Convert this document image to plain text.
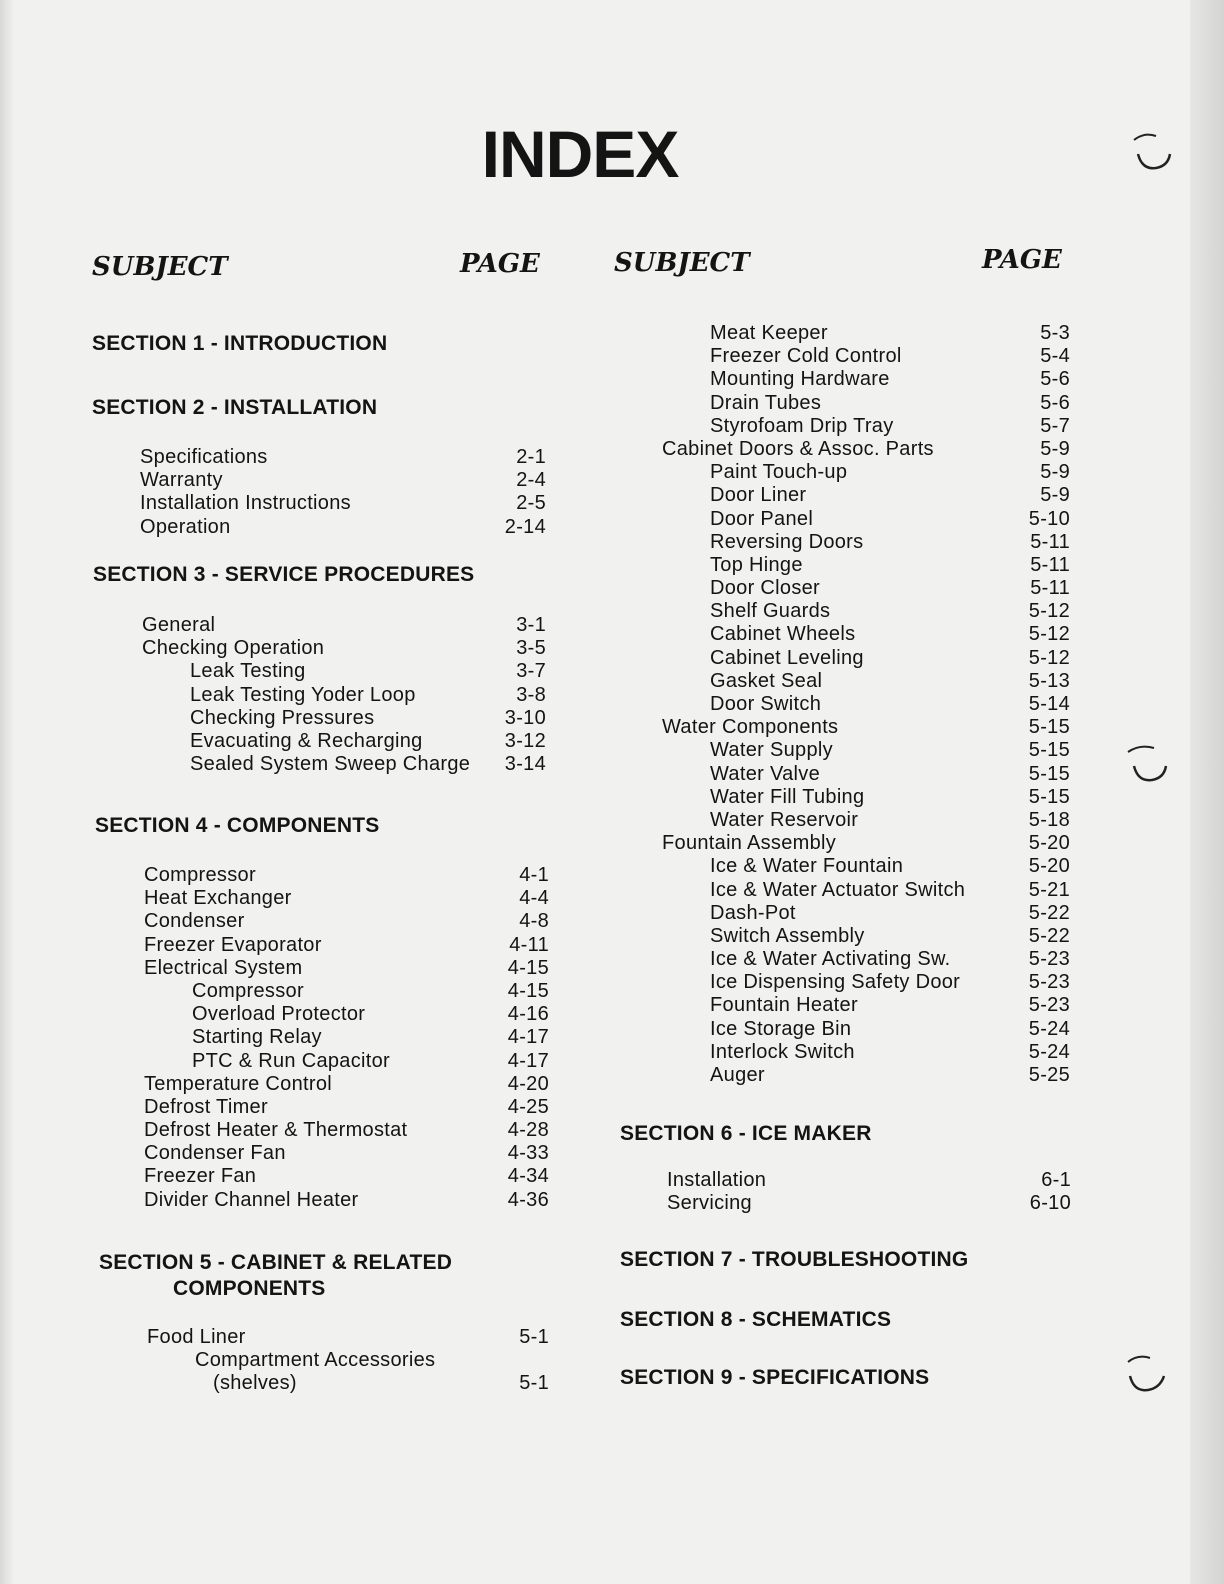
INDEX
SUBJECT	PAGE	SUBJECT	PAGE
SECTION 1 - INTRODUCTION
SECTION 2 - INSTALLATION
Specifications	2-1
Warranty	2-4
Installation Instructions	2-5
Operation	2-14
SECTION 3 - SERVICE PROCEDURES
General	3-1
Checking Operation	3-5
Leak Testing	3-7
Leak Testing Yoder Loop	3-8
Checking Pressures	3-10
Evacuating & Recharging	3-12
Sealed System Sweep Charge 3-14
SECTION 4 - COMPONENTS
Compressor	4-1
Heat Exchanger	4-4
Condenser	4-8
Freezer Evaporator	4-11
Electrical System	4-15
Compressor	4-15
Overload Protector	4-16
Starting Relay	4-17
PTC & Run Capacitor	4-17
Temperature Control	4-20
Defrost Timer	4-25
Defrost Heater & Thermostat	4-28
Condenser Fan	4-33
Freezer Fan	4-34
Divider Channel Heater	4-36
SECTION 5 - CABINET & RELATED
COMPONENTS
Food Liner	5-1
Compartment Accessories
(shelves)	5-1
Meat Keeper	5-3
Freezer Cold Control	5-4
Mounting Hardware	5-6
Drain Tubes	5-6
Styrofoam Drip Tray	5-7
Cabinet Doors & Assoc. Parts	5-9
Paint Touch-up	5-9
Door Liner	5-9
Door Panel	5-10
Reversing Doors	5-11
Top Hinge	5-11
Door Closer	5-11
Shelf Guards	5-12
Cabinet Wheels	5-12
Cabinet Leveling	5-12
Gasket Seal	5-13
Door Switch	5-14
Water Components	5-15
Water Supply	5-15
Water Valve	5-15
Water Fill Tubing	5-15
Water Reservoir	5-18
Fountain Assembly	5-20
Ice & Water Fountain	5-20
Ice & Water Actuator Switch	5-21
Dash-Pot	5-22
Switch Assembly	5-22
Ice & Water Activating Sw.	5-23
Ice Dispensing Safety Door	5-23
Fountain Heater	5-23
Ice Storage Bin	5-24
Interlock Switch	5-24
Auger	5-25
SECTION 6 - ICE MAKER
Installation	6-1
Servicing	6-10
SECTION 7 - TROUBLESHOOTING
SECTION 8 - SCHEMATICS
SECTION 9 - SPECIFICATIONS
